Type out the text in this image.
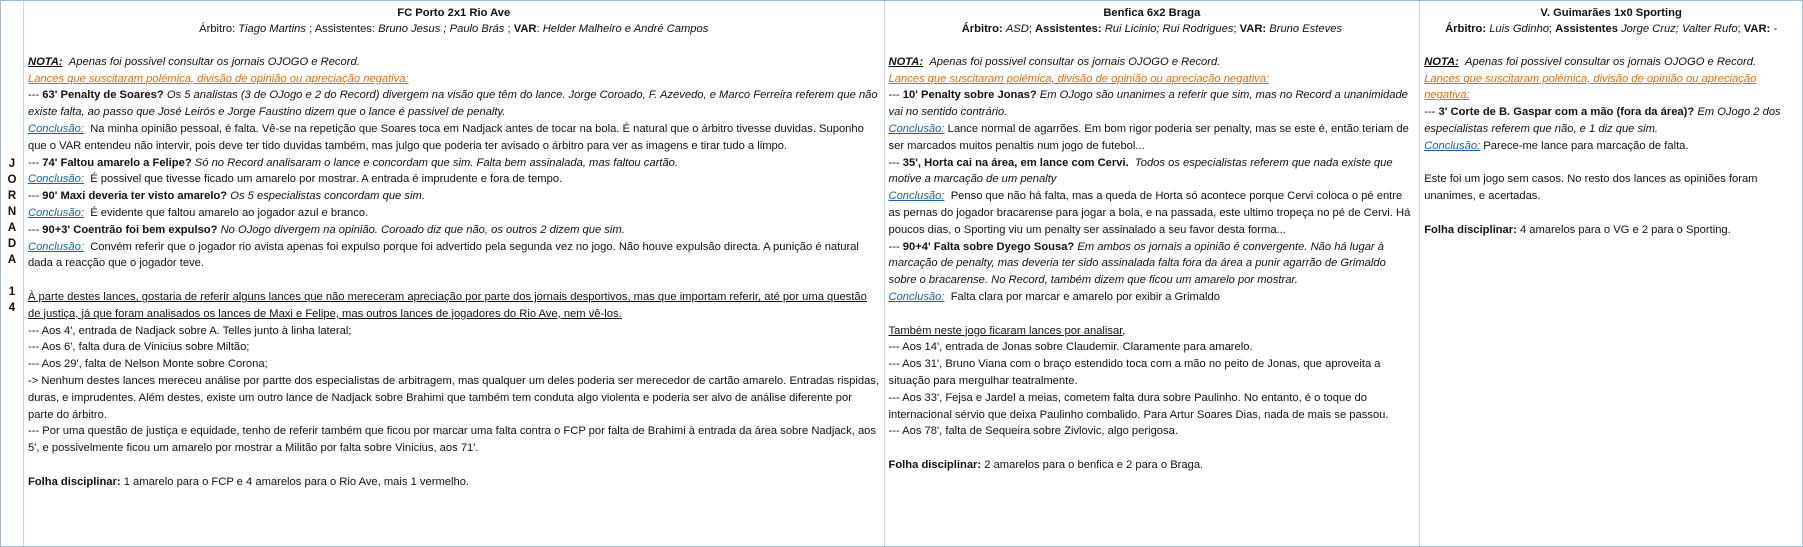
J
O
R
N
A
D
A
1
4
FC Porto 2x1 Rio Ave
Árbitro: Tiago Martins ; Assistentes: Bruno Jesus ; Paulo Brás ; VAR: Helder Malheiro e André Campos

NOTA: Apenas foi possivel consultar os jornais OJOGO e Record.

Lances que suscitaram polémica, divisão de opinião ou apreciação negativa:

--- 63' Penalty de Soares? Os 5 analistas (3 de OJogo e 2 do Record) divergem na visão que têm do lance. Jorge Coroado, F. Azevedo, e Marco Ferreira referem que não existe falta, ao passo que José Leirós e Jorge Faustino dizem que o lance é passivel de penalty.

Conclusão: Na minha opinião pessoal, é falta. Vê-se na repetição que Soares toca em Nadjack antes de tocar na bola. É natural que o árbitro tivesse duvidas. Suponho que o VAR entendeu não intervir, pois deve ter tido duvidas também, mas julgo que poderia ter avisado o árbitro para ver as imagens e tirar tudo a limpo.

--- 74' Faltou amarelo a Felipe? Só no Record analisaram o lance e concordam que sim. Falta bem assinalada, mas faltou cartão.

Conclusão: É possivel que tivesse ficado um amarelo por mostrar. A entrada é imprudente e fora de tempo.

--- 90' Maxi deveria ter visto amarelo? Os 5 especialistas concordam que sim.

Conclusão: É evidente que faltou amarelo ao jogador azul e branco.

--- 90+3' Coentrão foi bem expulso? No OJogo divergem na opinião. Coroado diz que não, os outros 2 dizem que sim.

Conclusão: Convém referir que o jogador rio avista apenas foi expulso porque foi advertido pela segunda vez no jogo. Não houve expulsão directa. A punição é natural dada a reacção que o jogador teve.

À parte destes lances, gostaria de referir alguns lances que não mereceram apreciação por parte dos jornais desportivos, mas que importam referir, até por uma questão de justiça, já que foram analisados os lances de Maxi e Felipe, mas outros lances de jogadores do Rio Ave, nem vê-los.

--- Aos 4', entrada de Nadjack sobre A. Telles junto à linha lateral;

--- Aos 6', falta dura de Vinicius sobre Miltão;

--- Aos 29', falta de Nelson Monte sobre Corona;

-> Nenhum destes lances mereceu análise por partte dos especialistas de arbitragem, mas qualquer um deles poderia ser merecedor de cartão amarelo. Entradas rispidas, duras, e imprudentes. Além destes, existe um outro lance de Nadjack sobre Brahimi que também tem conduta algo violenta e poderia ser alvo de análise diferente por parte do árbitro.

--- Por uma questão de justiça e equidade, tenho de referir também que ficou por marcar uma falta contra o FCP por falta de Brahimi à entrada da área sobre Nadjack, aos 5', e possivelmente ficou um amarelo por mostrar a Militão por falta sobre Vinicius, aos 71'.

Folha disciplinar: 1 amarelo para o FCP e 4 amarelos para o Rio Ave, mais 1 vermelho.

Benfica 6x2 Braga
Árbitro: ASD; Assistentes: Rui Licinio; Rui Rodrigues; VAR: Bruno Esteves

NOTA: Apenas foi possivel consultar os jornais OJOGO e Record.

Lances que suscitaram polémica, divisão de opinião ou apreciação negativa:

--- 10' Penalty sobre Jonas? Em OJogo são unanimes a referir que sim, mas no Record a unanimidade vai no sentido contrário.

Conclusão: Lance normal de agarrões. Em bom rigor poderia ser penalty, mas se este é, então teriam de ser marcados muitos penaltis num jogo de futebol...

--- 35', Horta cai na área, em lance com Cervi. Todos os especialistas referem que nada existe que motive a marcação de um penalty

Conclusão: Penso que não há falta, mas a queda de Horta só acontece porque Cervi coloca o pé entre as pernas do jogador bracarense para jogar a bola, e na passada, este ultimo tropeça no pé de Cervi. Há poucos dias, o Sporting viu um penalty ser assinalado a seu favor desta forma...

--- 90+4' Falta sobre Dyego Sousa? Em ambos os jornais a opinião é convergente. Não há lugar à marcação de penalty, mas deveria ter sido assinalada falta fora da área a punir agarrão de Grimaldo sobre o bracarense. No Record, também dizem que ficou um amarelo por mostrar.

Conclusão: Falta clara por marcar e amarelo por exibir a Grimaldo

Também neste jogo ficaram lances por analisar,

--- Aos 14', entrada de Jonas sobre Claudemir. Claramente para amarelo.

--- Aos 31', Bruno Viana com o braço estendido toca com a mão no peito de Jonas, que aproveita a situação para mergulhar teatralmente.

--- Aos 33', Fejsa e Jardel a meias, cometem falta dura sobre Paulinho. No entanto, é o toque do internacional sérvio que deixa Paulinho combalido. Para Artur Soares Dias, nada de mais se passou.

--- Aos 78', falta de Sequeira sobre Zivlovic, algo perigosa.

Folha disciplinar: 2 amarelos para o benfica e 2 para o Braga.

V. Guimarães 1x0 Sporting
Árbitro: Luis Gdinho; Assistentes Jorge Cruz; Valter Rufo; VAR: -

NOTA: Apenas foi possivel consultar os jornais OJOGO e Record.

Lances que suscitaram polémica, divisão de opinião ou apreciação negativa:

--- 3' Corte de B. Gaspar com a mão (fora da área)? Em OJogo 2 dos especialistas referem que não, e 1 diz que sim.

Conclusão: Parece-me lance para marcação de falta.

Este foi um jogo sem casos. No resto dos lances as opiniões foram unanimes, e acertadas.

Folha disciplinar: 4 amarelos para o VG e 2 para o Sporting.
